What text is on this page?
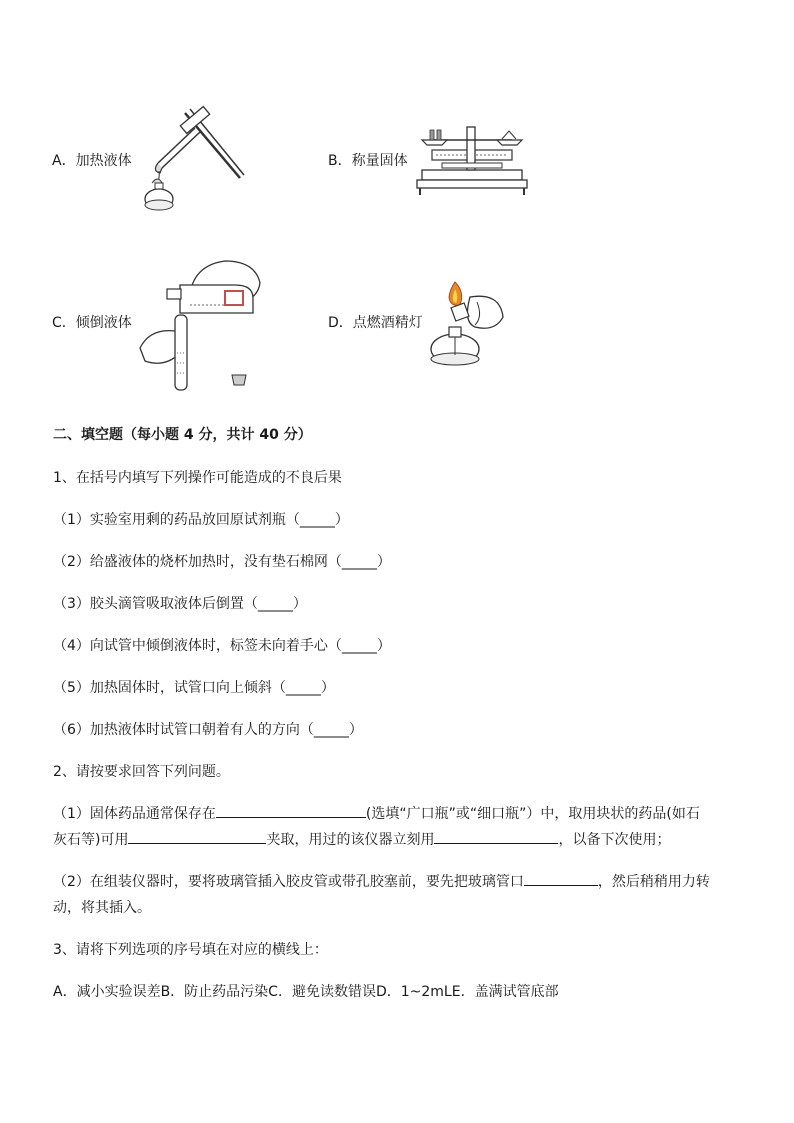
A．加热液体	B．称量固体
C．倾倒液体	D．点燃酒精灯
二、填空题（每小题 4 分，共计 40 分）
1、在括号内填写下列操作可能造成的不良后果
（1）实验室用剩的药品放回原试剂瓶（_____）
（2）给盛液体的烧杯加热时，没有垫石棉网（_____）
（3）胶头滴管吸取液体后倒置（_____）
（4）向试管中倾倒液体时，标签未向着手心（_____）
（5）加热固体时，试管口向上倾斜（_____）
（6）加热液体时试管口朝着有人的方向（_____）
2、请按要求回答下列问题。
（1）固体药品通常保存在	(选填“广口瓶”或“细口瓶”）中，取用块状的药品(如石
灰石等)可用	夹取，用过的该仪器立刻用	，以备下次使用；
（2）在组装仪器时，要将玻璃管插入胶皮管或带孔胶塞前，要先把玻璃管口	，然后稍稍用力转
动，将其插入。
3、请将下列选项的序号填在对应的横线上：
A．减小实验误差B．防止药品污染C．避免读数错误D．1~2mLE．盖满试管底部
